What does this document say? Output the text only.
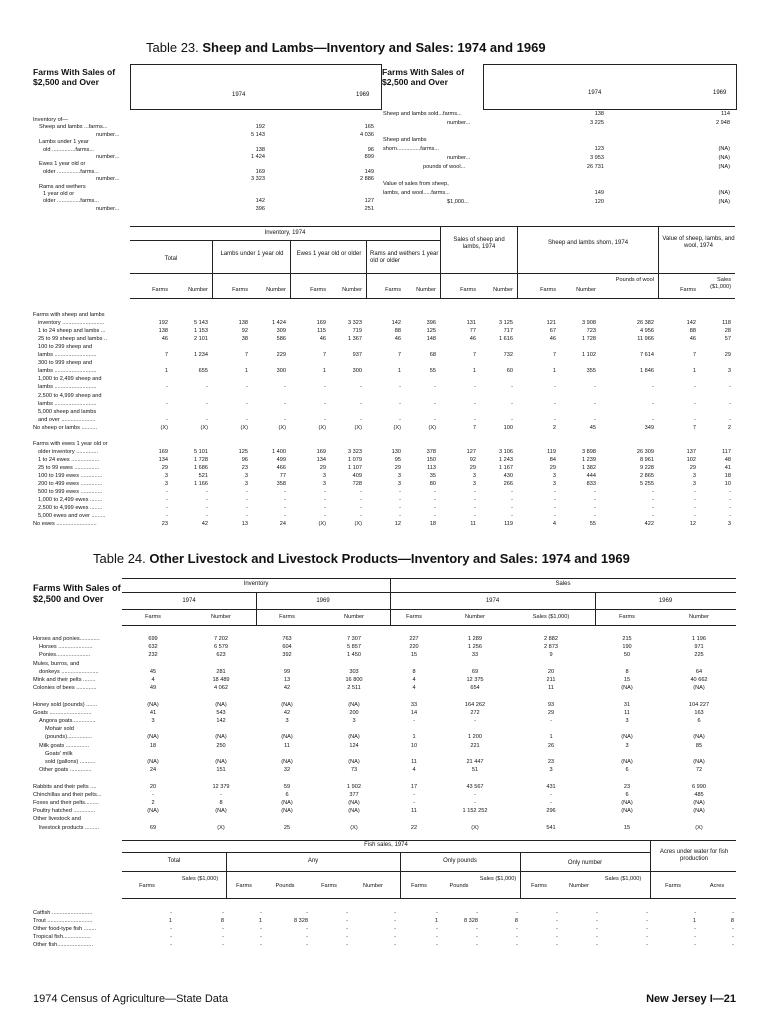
Table 23. Sheep and Lambs—Inventory and Sales: 1974 and 1969
Farms With Sales of $2,500 and Over
1974	1969
Farms With Sales of $2,500 and Over
1974	1969
Inventory of—
Sheep and lambs ...farms...	192	165
number...	5 143	4 036
Lambs under 1 year
old ...............farms...	138	96
number...	1 424	899
Ewes 1 year old or
older ...............farms...	169	149
number...	3 323	2 886
Rams and wethers
1 year old or
older ...............farms...	142	127
number...	396	251
Sheep and lambs sold...farms...	138	114
number...	3 225	2 948
Sheep and lambs
shorn...............farms...	123	(NA)
number...	3 953	(NA)
pounds of wool...	26 731	(NA)
Value of sales from sheep,
lambs, and wool.....farms...	149	(NA)
$1,000...	120	(NA)
Inventory, 1974
Total
Lambs under 1 year old	Ewes 1 year old or older	Rams and wethers 1 year old or older
Sales of sheep and lambs, 1974
Sheep and lambs shorn, 1974
Value of sheep, lambs, and wool, 1974
Farms	Number	Farms	Number	Farms	Number	Farms	Number	Farms	Number	Farms	Number
Pounds of wool
Farms
Sales ($1,000)
Farms with sheep and lambs
inventory ...........................	192	5 143	138	1 424	169	3 323	142	396	131	3 125	121	3 908	26 382	142	118
1 to 24 sheep and lambs ...	138	1 153	92	309	115	719	88	125	77	717	67	723	4 956	88	28
25 to 99 sheep and lambs ..	46	2 101	38	586	46	1 367	46	148	46	1 616	46	1 728	11 966	46	57
100 to 299 sheep and
lambs ...........................	7	1 234	7	229	7	937	7	68	7	732	7	1 102	7 614	7	29
300 to 999 sheep and
lambs ...........................	1	655	1	300	1	300	1	55	1	60	1	355	1 846	1	3
1,000 to 2,499 sheep and
lambs ...........................	-	-	-	-	-	-	-	-	-	-	-	-	-	-	-
2,500 to 4,999 sheep and
lambs ...........................	-	-	-	-	-	-	-	-	-	-	-	-	-	-	-
5,000 sheep and lambs
and over ......................	-	-	-	-	-	-	-	-	-	-	-	-	-	-	-
No sheep or lambs ..........	(X)	(X)	(X)	(X)	(X)	(X)	(X)	(X)	7	100	2	45	349	7	2
Farms with ewes 1 year old or
older inventory ..............	169	5 101	125	1 400	169	3 323	130	378	127	3 106	119	3 898	26 309	137	117
1 to 24 ewes ..................	134	1 728	96	499	134	1 079	95	150	92	1 243	84	1 239	8 961	102	48
25 to 99 ewes ................	29	1 686	23	466	29	1 107	29	113	29	1 167	29	1 382	9 228	29	41
100 to 199 ewes ..............	3	521	3	77	3	409	3	35	3	430	3	444	2 865	3	18
200 to 499 ewes ..............	3	1 166	3	358	3	728	3	80	3	266	3	833	5 255	3	10
500 to 999 ewes ..............	-	-	-	-	-	-	-	-	-	-	-	-	-	-	-
1,000 to 2,499 ewes ........	-	-	-	-	-	-	-	-	-	-	-	-	-	-	-
2,500 to 4,999 ewes ........	-	-	-	-	-	-	-	-	-	-	-	-	-	-	-
5,000 ewes and over .........	-	-	-	-	-	-	-	-	-	-	-	-	-	-	-
No ewes ..........................	23	42	13	24	(X)	(X)	12	18	11	119	4	55	422	12	3
Table 24. Other Livestock and Livestock Products—Inventory and Sales: 1974 and 1969
Farms With Sales of $2,500 and Over
Inventory	Sales
1974	1969	1974	1969
Farms	Number	Farms	Number	Farms	Number	Sales ($1,000)	Farms	Number
Horses and ponies.............	699	7 202	763	7 307	227	1 289	2 882	215	1 196
Horses ......................	632	6 579	604	5 857	220	1 256	2 873	190	971
Ponies......................	232	623	392	1 450	15	33	9	50	225
Mules, burros, and
donkeys ........................	45	281	99	303	8	69	20	8	64
Mink and their pelts ........	4	18 489	13	16 800	4	12 375	211	15	40 662
Colonies of bees .............	49	4 062	42	2 511	4	654	11	(NA)	(NA)
Honey sold (pounds) .......	(NA)	(NA)	(NA)	(NA)	33	164 262	93	31	104 227
Goats ...........................	41	543	42	200	14	272	29	11	163
Angora goats...............	3	142	3	3	-	-	-	3	6
Mohair sold
(pounds)................	(NA)	(NA)	(NA)	(NA)	1	1 200	1	(NA)	(NA)
Milk goats ...............	18	250	11	124	10	221	26	3	85
Goats' milk
sold (gallons) ..........	(NA)	(NA)	(NA)	(NA)	11	21 447	23	(NA)	(NA)
Other goats ..............	24	151	32	73	4	51	3	6	72
Rabbits and their pelts ....	20	12 379	59	1 902	17	43 567	431	23	6 990
Chinchillas and their pelts...	-	-	6	377	-	-	-	6	485
Foxes and their pelts.........	2	8	(NA)	(NA)	-	-	-	(NA)	(NA)
Poultry hatched ..............	(NA)	(NA)	(NA)	(NA)	11	1 152 252	296	(NA)	(NA)
Other livestock and
livestock products .........	69	(X)	25	(X)	22	(X)	541	15	(X)
Fish sales, 1974
Total	Any	Only pounds	Only number
Acres under water for fish production
Farms
Sales ($1,000)
Farms	Pounds	Farms	Number	Farms	Pounds
Sales ($1,000)
Farms	Number
Sales ($1,000)
Farms	Acres
Catfish ..........................	-	-	-	-	-	-	-	-	-	-	-	-	-	-
Trout .............................	1	8	1	8 328	-	-	1	8 328	8	-	-	-	1	8
Other food-type fish ........	-	-	-	-	-	-	-	-	-	-	-	-	-	-
Tropical fish..................	-	-	-	-	-	-	-	-	-	-	-	-	-	-
Other fish.......................	-	-	-	-	-	-	-	-	-	-	-	-	-	-
1974 Census of Agriculture—State Data	New Jersey I—21
